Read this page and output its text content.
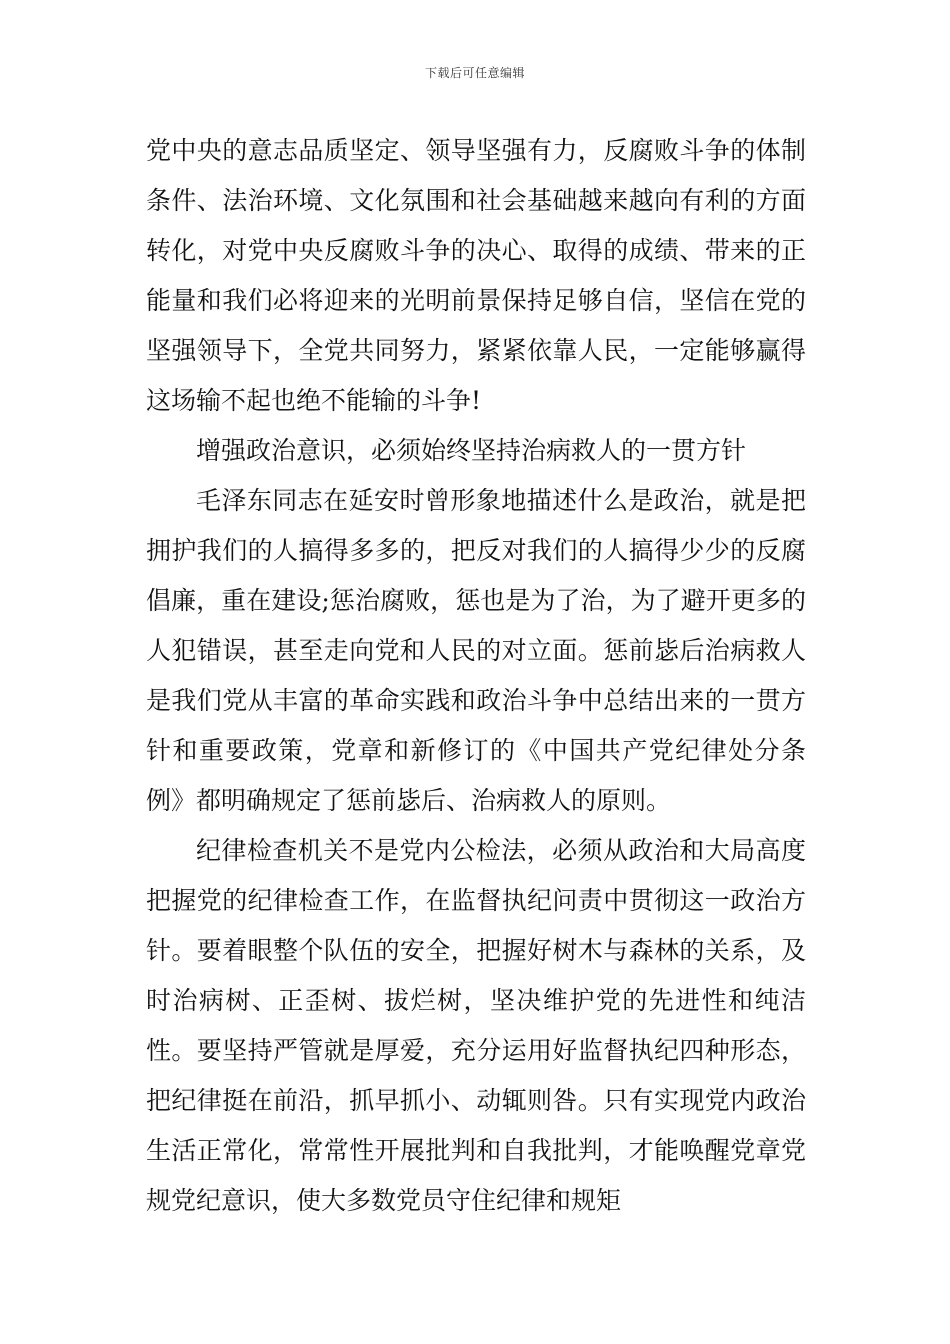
下载后可任意编辑

党中央的意志品质坚定、领导坚强有力，反腐败斗争的体制条件、法治环境、文化氛围和社会基础越来越向有利的方面转化，对党中央反腐败斗争的决心、取得的成绩、带来的正能量和我们必将迎来的光明前景保持足够自信，坚信在党的坚强领导下，全党共同努力，紧紧依靠人民，一定能够赢得这场输不起也绝不能输的斗争!

增强政治意识，必须始终坚持治病救人的一贯方针

毛泽东同志在延安时曾形象地描述什么是政治，就是把拥护我们的人搞得多多的，把反对我们的人搞得少少的反腐倡廉，重在建设;惩治腐败，惩也是为了治，为了避开更多的人犯错误，甚至走向党和人民的对立面。惩前毖后治病救人是我们党从丰富的革命实践和政治斗争中总结出来的一贯方针和重要政策，党章和新修订的《中国共产党纪律处分条例》都明确规定了惩前毖后、治病救人的原则。

纪律检查机关不是党内公检法，必须从政治和大局高度把握党的纪律检查工作，在监督执纪问责中贯彻这一政治方针。要着眼整个队伍的安全，把握好树木与森林的关系，及时治病树、正歪树、拔烂树，坚决维护党的先进性和纯洁性。要坚持严管就是厚爱，充分运用好监督执纪四种形态，把纪律挺在前沿，抓早抓小、动辄则咎。只有实现党内政治生活正常化，常常性开展批判和自我批判，才能唤醒党章党规党纪意识，使大多数党员守住纪律和规矩
